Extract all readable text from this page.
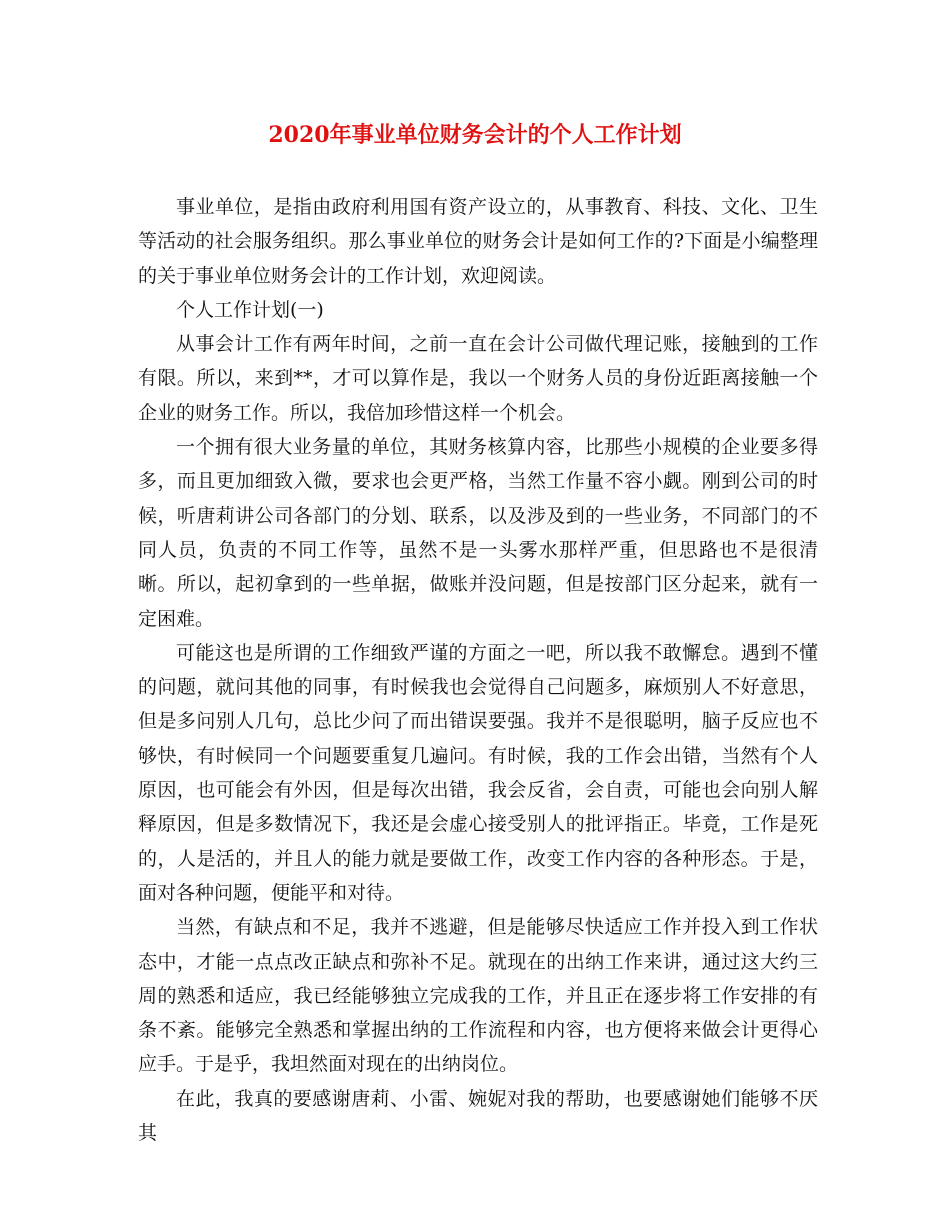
2020年事业单位财务会计的个人工作计划

事业单位，是指由政府利用国有资产设立的，从事教育、科技、文化、卫生等活动的社会服务组织。那么事业单位的财务会计是如何工作的?下面是小编整理的关于事业单位财务会计的工作计划，欢迎阅读。

个人工作计划(一)

从事会计工作有两年时间，之前一直在会计公司做代理记账，接触到的工作有限。所以，来到**，才可以算作是，我以一个财务人员的身份近距离接触一个企业的财务工作。所以，我倍加珍惜这样一个机会。

一个拥有很大业务量的单位，其财务核算内容，比那些小规模的企业要多得多，而且更加细致入微，要求也会更严格，当然工作量不容小觑。刚到公司的时候，听唐莉讲公司各部门的分划、联系，以及涉及到的一些业务，不同部门的不同人员，负责的不同工作等，虽然不是一头雾水那样严重，但思路也不是很清晰。所以，起初拿到的一些单据，做账并没问题，但是按部门区分起来，就有一定困难。

可能这也是所谓的工作细致严谨的方面之一吧，所以我不敢懈怠。遇到不懂的问题，就问其他的同事，有时候我也会觉得自己问题多，麻烦别人不好意思，但是多问别人几句，总比少问了而出错误要强。我并不是很聪明，脑子反应也不够快，有时候同一个问题要重复几遍问。有时候，我的工作会出错，当然有个人原因，也可能会有外因，但是每次出错，我会反省，会自责，可能也会向别人解释原因，但是多数情况下，我还是会虚心接受别人的批评指正。毕竟，工作是死的，人是活的，并且人的能力就是要做工作，改变工作内容的各种形态。于是，面对各种问题，便能平和对待。

当然，有缺点和不足，我并不逃避，但是能够尽快适应工作并投入到工作状态中，才能一点点改正缺点和弥补不足。就现在的出纳工作来讲，通过这大约三周的熟悉和适应，我已经能够独立完成我的工作，并且正在逐步将工作安排的有条不紊。能够完全熟悉和掌握出纳的工作流程和内容，也方便将来做会计更得心应手。于是乎，我坦然面对现在的出纳岗位。

在此，我真的要感谢唐莉、小雷、婉妮对我的帮助，也要感谢她们能够不厌其
